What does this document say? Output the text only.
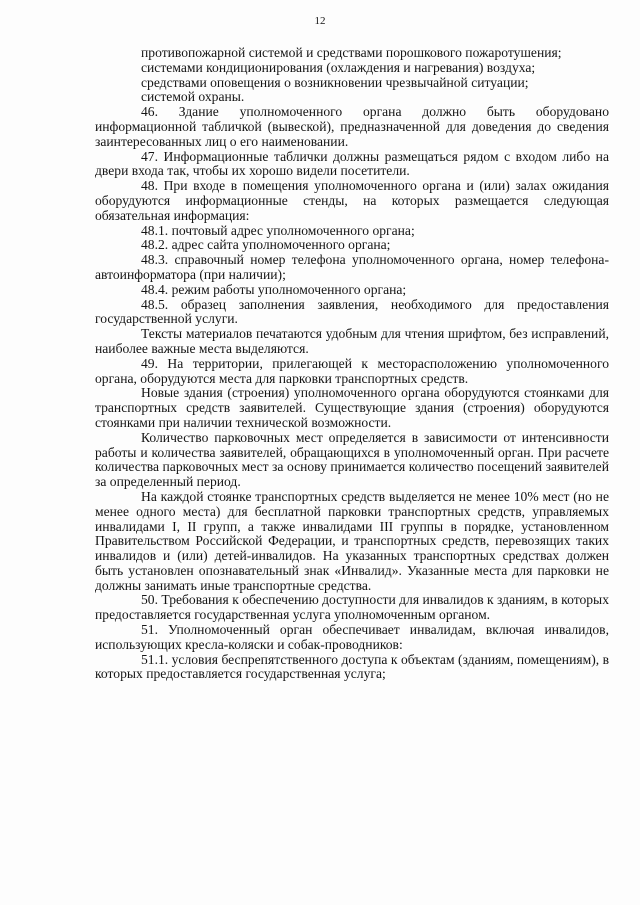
12

противопожарной системой и средствами порошкового пожаротушения;

системами кондиционирования (охлаждения и нагревания) воздуха;

средствами оповещения о возникновении чрезвычайной ситуации;

системой охраны.

46. Здание уполномоченного органа должно быть оборудовано информационной табличкой (вывеской), предназначенной для доведения до сведения заинтересованных лиц о его наименовании.

47. Информационные таблички должны размещаться рядом с входом либо на двери входа так, чтобы их хорошо видели посетители.

48. При входе в помещения уполномоченного органа и (или) залах ожидания оборудуются информационные стенды, на которых размещается следующая обязательная информация:

48.1. почтовый адрес уполномоченного органа;

48.2. адрес сайта уполномоченного органа;

48.3. справочный номер телефона уполномоченного органа, номер телефона-автоинформатора (при наличии);

48.4. режим работы уполномоченного органа;

48.5. образец заполнения заявления, необходимого для предоставления государственной услуги.

Тексты материалов печатаются удобным для чтения шрифтом, без исправлений, наиболее важные места выделяются.

49. На территории, прилегающей к месторасположению уполномоченного органа, оборудуются места для парковки транспортных средств.

Новые здания (строения) уполномоченного органа оборудуются стоянками для транспортных средств заявителей. Существующие здания (строения) оборудуются стоянками при наличии технической возможности.

Количество парковочных мест определяется в зависимости от интенсивности работы и количества заявителей, обращающихся в уполномоченный орган. При расчете количества парковочных мест за основу принимается количество посещений заявителей за определенный период.

На каждой стоянке транспортных средств выделяется не менее 10% мест (но не менее одного места) для бесплатной парковки транспортных средств, управляемых инвалидами I, II групп, а также инвалидами III группы в порядке, установленном Правительством Российской Федерации, и транспортных средств, перевозящих таких инвалидов и (или) детей-инвалидов. На указанных транспортных средствах должен быть установлен опознавательный знак «Инвалид». Указанные места для парковки не должны занимать иные транспортные средства.

50. Требования к обеспечению доступности для инвалидов к зданиям, в которых предоставляется государственная услуга уполномоченным органом.

51. Уполномоченный орган обеспечивает инвалидам, включая инвалидов, использующих кресла-коляски и собак-проводников:

51.1. условия беспрепятственного доступа к объектам (зданиям, помещениям), в которых предоставляется государственная услуга;
